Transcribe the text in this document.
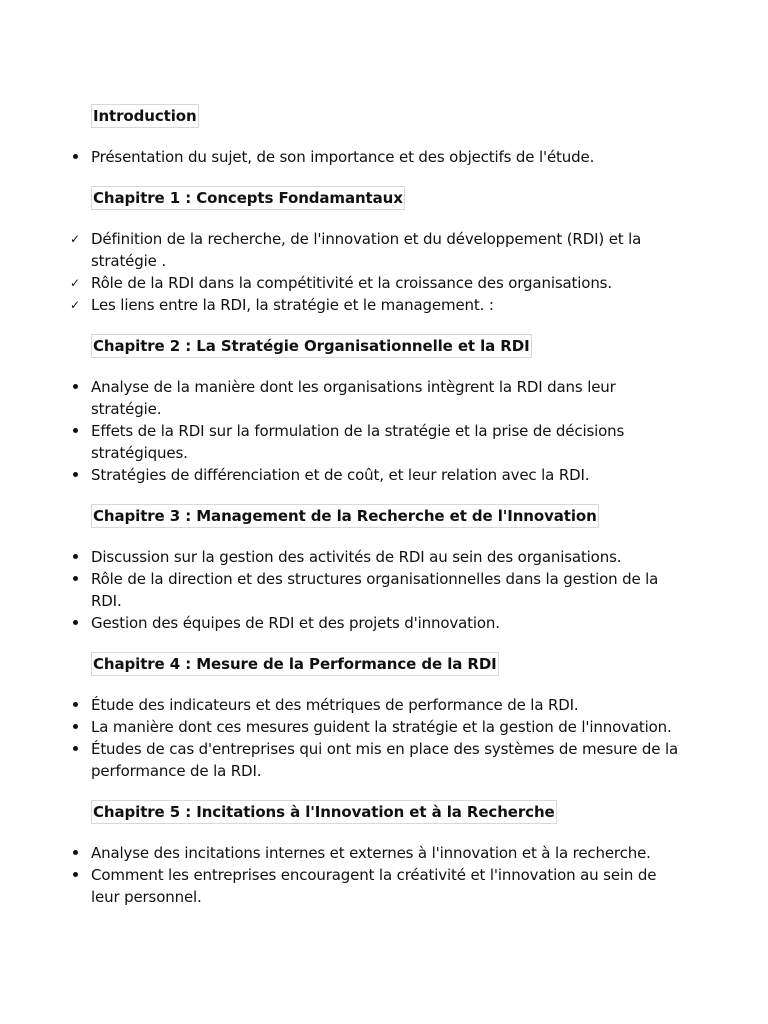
Introduction
Présentation du sujet, de son importance et des objectifs de l'étude.
Chapitre 1 : Concepts Fondamantaux
✓ Définition de la recherche, de l'innovation et du développement (RDI) et la stratégie .
✓ Rôle de la RDI dans la compétitivité et la croissance des organisations.
✓ Les liens entre la RDI, la stratégie et le management. :
Chapitre 2 : La Stratégie Organisationnelle et la RDI
Analyse de la manière dont les organisations intègrent la RDI dans leur stratégie.
Effets de la RDI sur la formulation de la stratégie et la prise de décisions stratégiques.
Stratégies de différenciation et de coût, et leur relation avec la RDI.
Chapitre 3 : Management de la Recherche et de l'Innovation
Discussion sur la gestion des activités de RDI au sein des organisations.
Rôle de la direction et des structures organisationnelles dans la gestion de la RDI.
Gestion des équipes de RDI et des projets d'innovation.
Chapitre 4 : Mesure de la Performance de la RDI
Étude des indicateurs et des métriques de performance de la RDI.
La manière dont ces mesures guident la stratégie et la gestion de l'innovation.
Études de cas d'entreprises qui ont mis en place des systèmes de mesure de la performance de la RDI.
Chapitre 5 : Incitations à l'Innovation et à la Recherche
Analyse des incitations internes et externes à l'innovation et à la recherche.
Comment les entreprises encouragent la créativité et l'innovation au sein de leur personnel.
